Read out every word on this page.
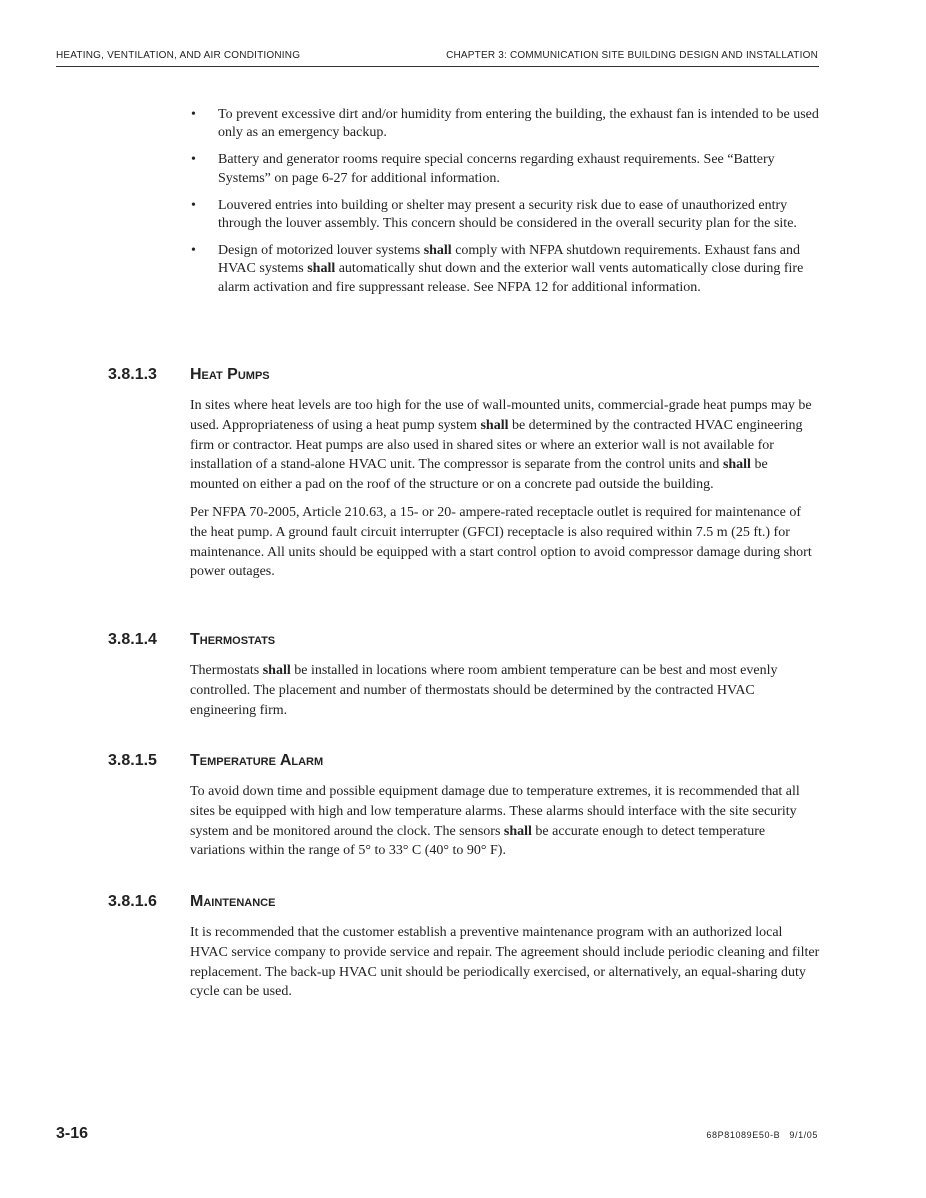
HEATING, VENTILATION, AND AIR CONDITIONING	CHAPTER 3: COMMUNICATION SITE BUILDING DESIGN AND INSTALLATION
• To prevent excessive dirt and/or humidity from entering the building, the exhaust fan is intended to be used only as an emergency backup.
• Battery and generator rooms require special concerns regarding exhaust requirements. See “Battery Systems” on page 6-27 for additional information.
• Louvered entries into building or shelter may present a security risk due to ease of unauthorized entry through the louver assembly. This concern should be considered in the overall security plan for the site.
• Design of motorized louver systems shall comply with NFPA shutdown requirements. Exhaust fans and HVAC systems shall automatically shut down and the exterior wall vents automatically close during fire alarm activation and fire suppressant release. See NFPA 12 for additional information.
3.8.1.3 Heat Pumps

In sites where heat levels are too high for the use of wall-mounted units, commercial-grade heat pumps may be used. Appropriateness of using a heat pump system shall be determined by the contracted HVAC engineering firm or contractor. Heat pumps are also used in shared sites or where an exterior wall is not available for installation of a stand-alone HVAC unit. The compressor is separate from the control units and shall be mounted on either a pad on the roof of the structure or on a concrete pad outside the building.

Per NFPA 70-2005, Article 210.63, a 15- or 20- ampere-rated receptacle outlet is required for maintenance of the heat pump. A ground fault circuit interrupter (GFCI) receptacle is also required within 7.5 m (25 ft.) for maintenance. All units should be equipped with a start control option to avoid compressor damage during short power outages.

3.8.1.4 Thermostats

Thermostats shall be installed in locations where room ambient temperature can be best and most evenly controlled. The placement and number of thermostats should be determined by the contracted HVAC engineering firm.

3.8.1.5 Temperature Alarm

To avoid down time and possible equipment damage due to temperature extremes, it is recommended that all sites be equipped with high and low temperature alarms. These alarms should interface with the site security system and be monitored around the clock. The sensors shall be accurate enough to detect temperature variations within the range of 5° to 33° C (40° to 90° F).

3.8.1.6 Maintenance

It is recommended that the customer establish a preventive maintenance program with an authorized local HVAC service company to provide service and repair. The agreement should include periodic cleaning and filter replacement. The back-up HVAC unit should be periodically exercised, or alternatively, an equal-sharing duty cycle can be used.

3-16	68P81089E50-B 9/1/05
